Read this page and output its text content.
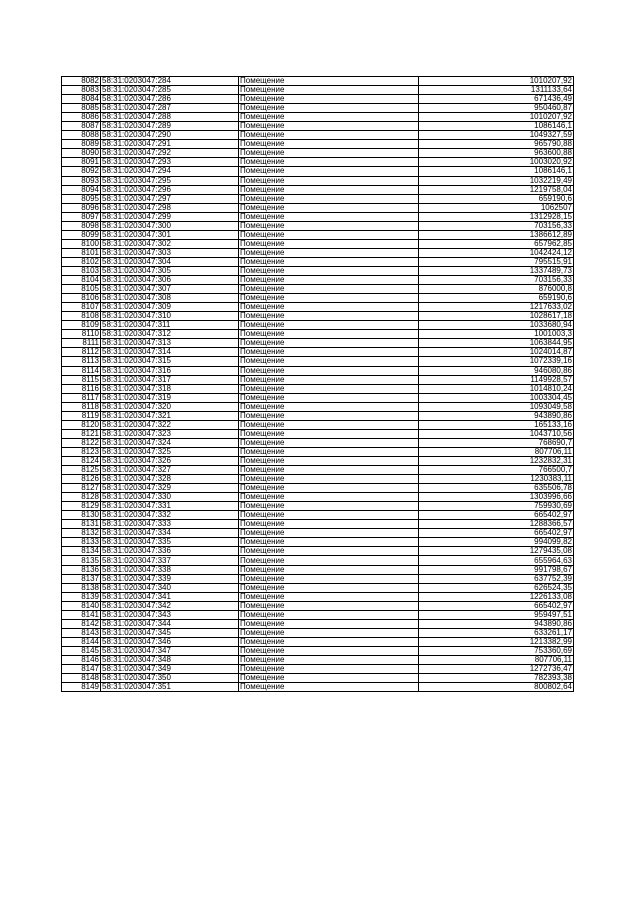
8082	58:31:0203047:284	Помещение	1010207,92
8083	58:31:0203047:285	Помещение	1311133,64
8084	58:31:0203047:286	Помещение	671436,49
8085	58:31:0203047:287	Помещение	950460,87
8086	58:31:0203047:288	Помещение	1010207,92
8087	58:31:0203047:289	Помещение	1086146,1
8088	58:31:0203047:290	Помещение	1049327,59
8089	58:31:0203047:291	Помещение	965790,88
8090	58:31:0203047:292	Помещение	963600,88
8091	58:31:0203047:293	Помещение	1003020,92
8092	58:31:0203047:294	Помещение	1086146,1
8093	58:31:0203047:295	Помещение	1032219,49
8094	58:31:0203047:296	Помещение	1219758,04
8095	58:31:0203047:297	Помещение	659190,6
8096	58:31:0203047:298	Помещение	1062507
8097	58:31:0203047:299	Помещение	1312928,15
8098	58:31:0203047:300	Помещение	703156,33
8099	58:31:0203047:301	Помещение	1386612,89
8100	58:31:0203047:302	Помещение	657962,85
8101	58:31:0203047:303	Помещение	1042424,12
8102	58:31:0203047:304	Помещение	795515,91
8103	58:31:0203047:305	Помещение	1337489,73
8104	58:31:0203047:306	Помещение	703156,33
8105	58:31:0203047:307	Помещение	876000,8
8106	58:31:0203047:308	Помещение	659190,6
8107	58:31:0203047:309	Помещение	1217633,02
8108	58:31:0203047:310	Помещение	1028617,18
8109	58:31:0203047:311	Помещение	1033680,94
8110	58:31:0203047:312	Помещение	1001003,3
8111	58:31:0203047:313	Помещение	1063844,95
8112	58:31:0203047:314	Помещение	1024014,87
8113	58:31:0203047:315	Помещение	1072339,16
8114	58:31:0203047:316	Помещение	946080,86
8115	58:31:0203047:317	Помещение	1149928,57
8116	58:31:0203047:318	Помещение	1014810,24
8117	58:31:0203047:319	Помещение	1003304,45
8118	58:31:0203047:320	Помещение	1093049,58
8119	58:31:0203047:321	Помещение	943890,86
8120	58:31:0203047:322	Помещение	165133,16
8121	58:31:0203047:323	Помещение	1043710,56
8122	58:31:0203047:324	Помещение	768690,7
8123	58:31:0203047:325	Помещение	807706,11
8124	58:31:0203047:326	Помещение	1232832,31
8125	58:31:0203047:327	Помещение	766500,7
8126	58:31:0203047:328	Помещение	1230383,11
8127	58:31:0203047:329	Помещение	635506,78
8128	58:31:0203047:330	Помещение	1303996,66
8129	58:31:0203047:331	Помещение	759930,69
8130	58:31:0203047:332	Помещение	665402,97
8131	58:31:0203047:333	Помещение	1288366,57
8132	58:31:0203047:334	Помещение	665402,97
8133	58:31:0203047:335	Помещение	994099,82
8134	58:31:0203047:336	Помещение	1279435,08
8135	58:31:0203047:337	Помещение	655964,63
8136	58:31:0203047:338	Помещение	991798,67
8137	58:31:0203047:339	Помещение	637752,39
8138	58:31:0203047:340	Помещение	626524,35
8139	58:31:0203047:341	Помещение	1226133,08
8140	58:31:0203047:342	Помещение	665402,97
8141	58:31:0203047:343	Помещение	959497,51
8142	58:31:0203047:344	Помещение	943890,86
8143	58:31:0203047:345	Помещение	633261,17
8144	58:31:0203047:346	Помещение	1213382,99
8145	58:31:0203047:347	Помещение	753360,69
8146	58:31:0203047:348	Помещение	807706,11
8147	58:31:0203047:349	Помещение	1272736,47
8148	58:31:0203047:350	Помещение	782393,38
8149	58:31:0203047:351	Помещение	800802,64
